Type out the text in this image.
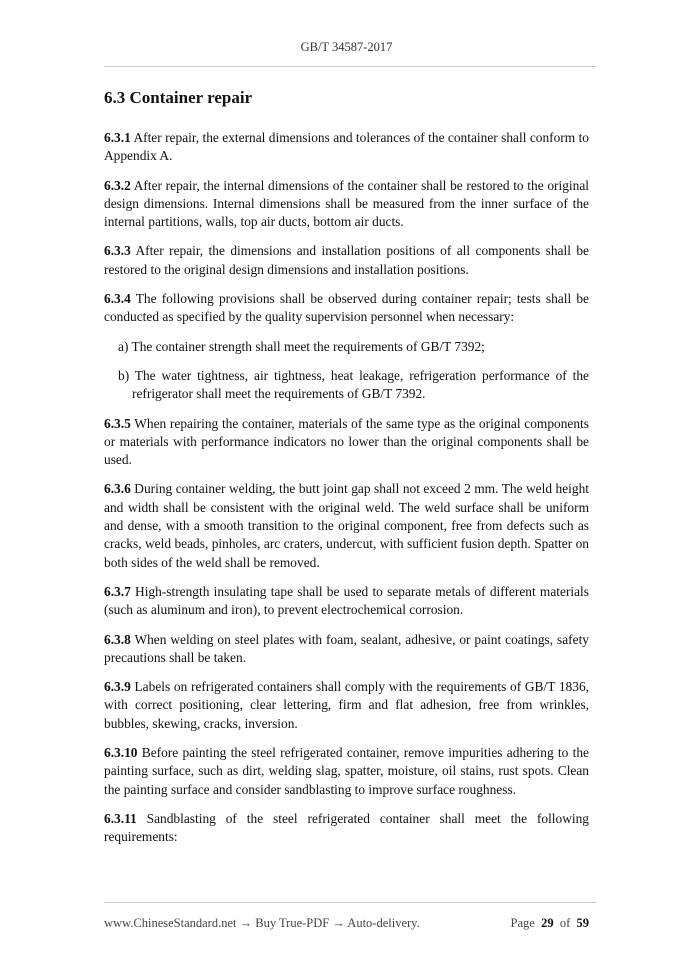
GB/T 34587-2017
6.3 Container repair

6.3.1 After repair, the external dimensions and tolerances of the container shall conform to Appendix A.

6.3.2 After repair, the internal dimensions of the container shall be restored to the original design dimensions. Internal dimensions shall be measured from the inner surface of the internal partitions, walls, top air ducts, bottom air ducts.

6.3.3 After repair, the dimensions and installation positions of all components shall be restored to the original design dimensions and installation positions.

6.3.4 The following provisions shall be observed during container repair; tests shall be conducted as specified by the quality supervision personnel when necessary:

a) The container strength shall meet the requirements of GB/T 7392;

b) The water tightness, air tightness, heat leakage, refrigeration performance of the refrigerator shall meet the requirements of GB/T 7392.

6.3.5 When repairing the container, materials of the same type as the original components or materials with performance indicators no lower than the original components shall be used.

6.3.6 During container welding, the butt joint gap shall not exceed 2 mm. The weld height and width shall be consistent with the original weld. The weld surface shall be uniform and dense, with a smooth transition to the original component, free from defects such as cracks, weld beads, pinholes, arc craters, undercut, with sufficient fusion depth. Spatter on both sides of the weld shall be removed.

6.3.7 High-strength insulating tape shall be used to separate metals of different materials (such as aluminum and iron), to prevent electrochemical corrosion.

6.3.8 When welding on steel plates with foam, sealant, adhesive, or paint coatings, safety precautions shall be taken.

6.3.9 Labels on refrigerated containers shall comply with the requirements of GB/T 1836, with correct positioning, clear lettering, firm and flat adhesion, free from wrinkles, bubbles, skewing, cracks, inversion.

6.3.10 Before painting the steel refrigerated container, remove impurities adhering to the painting surface, such as dirt, welding slag, spatter, moisture, oil stains, rust spots. Clean the painting surface and consider sandblasting to improve surface roughness.

6.3.11 Sandblasting of the steel refrigerated container shall meet the following requirements:

www.ChineseStandard.net → Buy True-PDF → Auto-delivery.	Page 29 of 59
